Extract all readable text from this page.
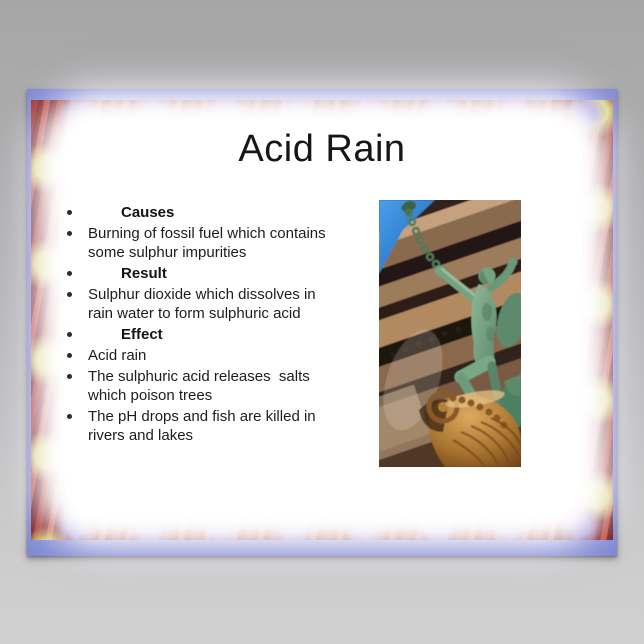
Acid Rain
Causes
Burning of fossil fuel which contains
some sulphur impurities
Result
Sulphur dioxide which dissolves in
rain water to form sulphuric acid
Effect
Acid rain
The sulphuric acid releases  salts
which poison trees
The pH drops and fish are killed in
rivers and lakes
